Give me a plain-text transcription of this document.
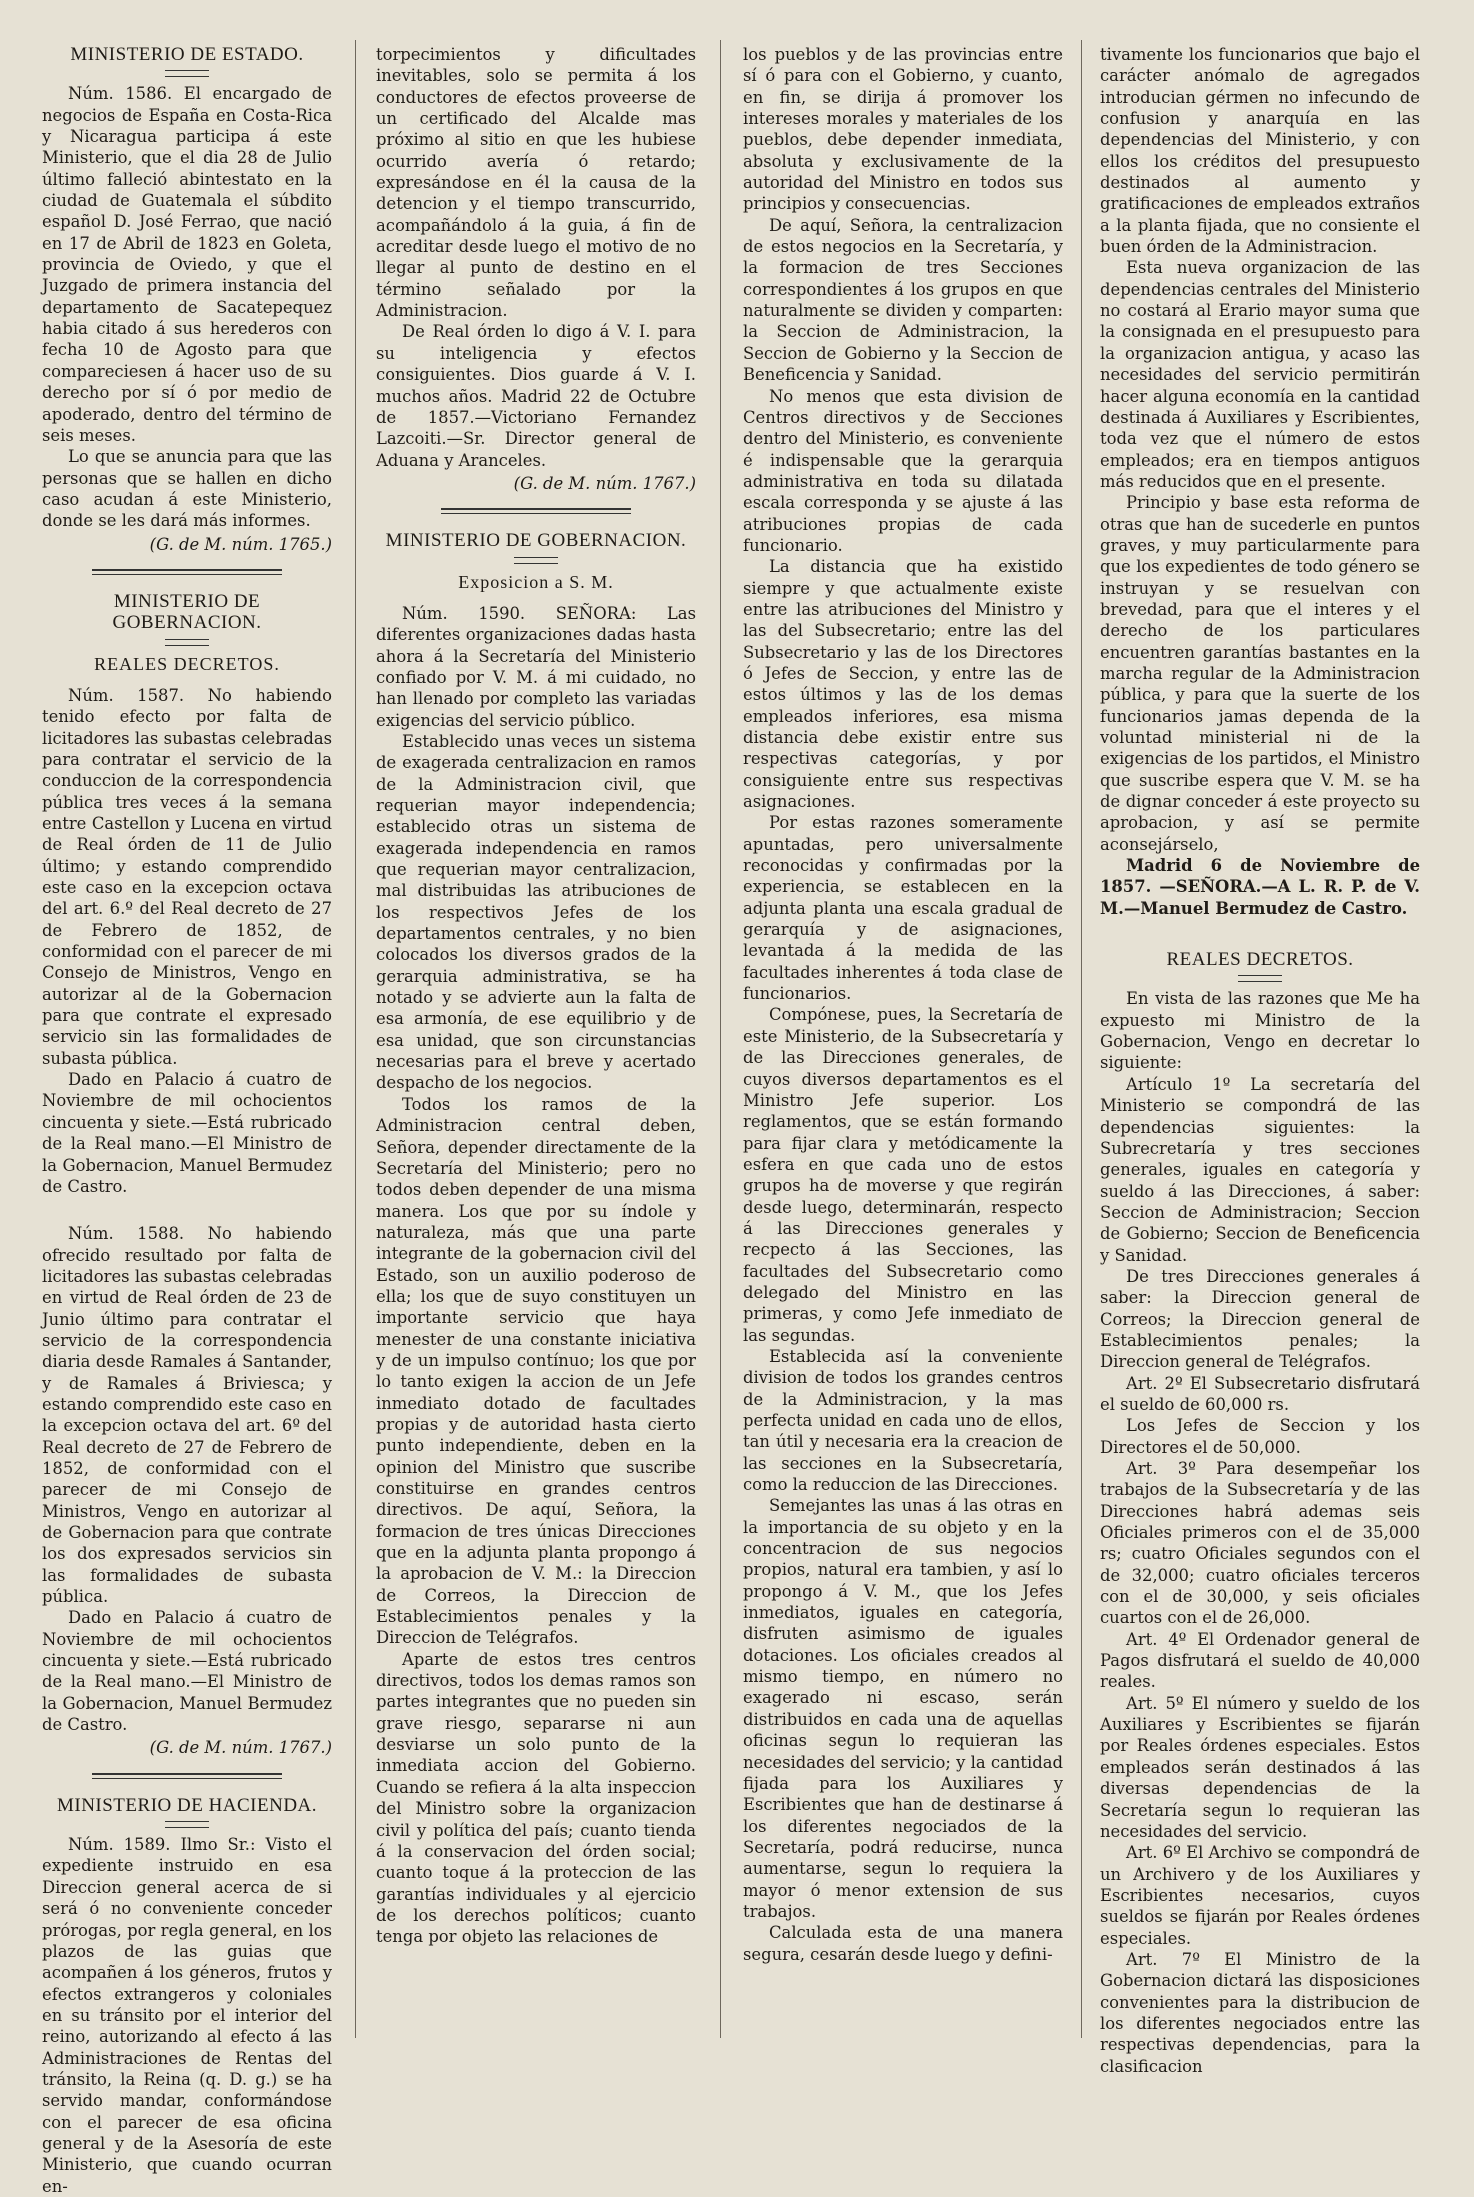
MINISTERIO DE ESTADO.

Núm. 1586. El encargado de negocios de España en Costa-Rica y Nicaragua participa á este Ministerio, que el dia 28 de Julio último falleció abintestato en la ciudad de Guatemala el súbdito español D. José Ferrao, que nació en 17 de Abril de 1823 en Goleta, provincia de Oviedo, y que el Juzgado de primera instancia del departamento de Sacatepequez habia citado á sus herederos con fecha 10 de Agosto para que compareciesen á hacer uso de su derecho por sí ó por medio de apoderado, dentro del término de seis meses.

Lo que se anuncia para que las personas que se hallen en dicho caso acudan á este Ministerio, donde se les dará más informes.

(G. de M. núm. 1765.)

MINISTERIO DE GOBERNACION.
REALES DECRETOS.

Núm. 1587. No habiendo tenido efecto por falta de licitadores las subastas celebradas para contratar el servicio de la conduccion de la correspondencia pública tres veces á la semana entre Castellon y Lucena en virtud de Real órden de 11 de Julio último; y estando comprendido este caso en la excepcion octava del art. 6.º del Real decreto de 27 de Febrero de 1852, de conformidad con el parecer de mi Consejo de Ministros, Vengo en autorizar al de la Gobernacion para que contrate el expresado servicio sin las formalidades de subasta pública.

Dado en Palacio á cuatro de Noviembre de mil ochocientos cincuenta y siete.—Está rubricado de la Real mano.—El Ministro de la Gobernacion, Manuel Bermudez de Castro.

Núm. 1588. No habiendo ofrecido resultado por falta de licitadores las subastas celebradas en virtud de Real órden de 23 de Junio último para contratar el servicio de la correspondencia diaria desde Ramales á Santander, y de Ramales á Briviesca; y estando comprendido este caso en la excepcion octava del art. 6º del Real decreto de 27 de Febrero de 1852, de conformidad con el parecer de mi Consejo de Ministros, Vengo en autorizar al de Gobernacion para que contrate los dos expresados servicios sin las formalidades de subasta pública.

Dado en Palacio á cuatro de Noviembre de mil ochocientos cincuenta y siete.—Está rubricado de la Real mano.—El Ministro de la Gobernacion, Manuel Bermudez de Castro.

(G. de M. núm. 1767.)

MINISTERIO DE HACIENDA.

Núm. 1589. Ilmo Sr.: Visto el expediente instruido en esa Direccion general acerca de si será ó no conveniente conceder prórogas, por regla general, en los plazos de las guias que acompañen á los géneros, frutos y efectos extrangeros y coloniales en su tránsito por el interior del reino, autorizando al efecto á las Administraciones de Rentas del tránsito, la Reina (q. D. g.) se ha servido mandar, conformándose con el parecer de esa oficina general y de la Asesoría de este Ministerio, que cuando ocurran en-

torpecimientos y dificultades inevitables, solo se permita á los conductores de efectos proveerse de un certificado del Alcalde mas próximo al sitio en que les hubiese ocurrido avería ó retardo; expresándose en él la causa de la detencion y el tiempo transcurrido, acompañándolo á la guia, á fin de acreditar desde luego el motivo de no llegar al punto de destino en el término señalado por la Administracion.

De Real órden lo digo á V. I. para su inteligencia y efectos consiguientes. Dios guarde á V. I. muchos años. Madrid 22 de Octubre de 1857.—Victoriano Fernandez Lazcoiti.—Sr. Director general de Aduana y Aranceles.

(G. de M. núm. 1767.)

MINISTERIO DE GOBERNACION.
Exposicion a S. M.

Núm. 1590. SEÑORA: Las diferentes organizaciones dadas hasta ahora á la Secretaría del Ministerio confiado por V. M. á mi cuidado, no han llenado por completo las variadas exigencias del servicio público.

Establecido unas veces un sistema de exagerada centralizacion en ramos de la Administracion civil, que requerian mayor independencia; establecido otras un sistema de exagerada independencia en ramos que requerian mayor centralizacion, mal distribuidas las atribuciones de los respectivos Jefes de los departamentos centrales, y no bien colocados los diversos grados de la gerarquia administrativa, se ha notado y se advierte aun la falta de esa armonía, de ese equilibrio y de esa unidad, que son circunstancias necesarias para el breve y acertado despacho de los negocios.

Todos los ramos de la Administracion central deben, Señora, depender directamente de la Secretaría del Ministerio; pero no todos deben depender de una misma manera. Los que por su índole y naturaleza, más que una parte integrante de la gobernacion civil del Estado, son un auxilio poderoso de ella; los que de suyo constituyen un importante servicio que haya menester de una constante iniciativa y de un impulso contínuo; los que por lo tanto exigen la accion de un Jefe inmediato dotado de facultades propias y de autoridad hasta cierto punto independiente, deben en la opinion del Ministro que suscribe constituirse en grandes centros directivos. De aquí, Señora, la formacion de tres únicas Direcciones que en la adjunta planta propongo á la aprobacion de V. M.: la Direccion de Correos, la Direccion de Establecimientos penales y la Direccion de Telégrafos.

Aparte de estos tres centros directivos, todos los demas ramos son partes integrantes que no pueden sin grave riesgo, separarse ni aun desviarse un solo punto de la inmediata accion del Gobierno. Cuando se refiera á la alta inspeccion del Ministro sobre la organizacion civil y política del país; cuanto tienda á la conservacion del órden social; cuanto toque á la proteccion de las garantías individuales y al ejercicio de los derechos políticos; cuanto tenga por objeto las relaciones de

los pueblos y de las provincias entre sí ó para con el Gobierno, y cuanto, en fin, se dirija á promover los intereses morales y materiales de los pueblos, debe depender inmediata, absoluta y exclusivamente de la autoridad del Ministro en todos sus principios y consecuencias.

De aquí, Señora, la centralizacion de estos negocios en la Secretaría, y la formacion de tres Secciones correspondientes á los grupos en que naturalmente se dividen y comparten: la Seccion de Administracion, la Seccion de Gobierno y la Seccion de Beneficencia y Sanidad.

No menos que esta division de Centros directivos y de Secciones dentro del Ministerio, es conveniente é indispensable que la gerarquia administrativa en toda su dilatada escala corresponda y se ajuste á las atribuciones propias de cada funcionario.

La distancia que ha existido siempre y que actualmente existe entre las atribuciones del Ministro y las del Subsecretario; entre las del Subsecretario y las de los Directores ó Jefes de Seccion, y entre las de estos últimos y las de los demas empleados inferiores, esa misma distancia debe existir entre sus respectivas categorías, y por consiguiente entre sus respectivas asignaciones.

Por estas razones someramente apuntadas, pero universalmente reconocidas y confirmadas por la experiencia, se establecen en la adjunta planta una escala gradual de gerarquía y de asignaciones, levantada á la medida de las facultades inherentes á toda clase de funcionarios.

Compónese, pues, la Secretaría de este Ministerio, de la Subsecretaría y de las Direcciones generales, de cuyos diversos departamentos es el Ministro Jefe superior. Los reglamentos, que se están formando para fijar clara y metódicamente la esfera en que cada uno de estos grupos ha de moverse y que regirán desde luego, determinarán, respecto á las Direcciones generales y recpecto á las Secciones, las facultades del Subsecretario como delegado del Ministro en las primeras, y como Jefe inmediato de las segundas.

Establecida así la conveniente division de todos los grandes centros de la Administracion, y la mas perfecta unidad en cada uno de ellos, tan útil y necesaria era la creacion de las secciones en la Subsecretaría, como la reduccion de las Direcciones.

Semejantes las unas á las otras en la importancia de su objeto y en la concentracion de sus negocios propios, natural era tambien, y así lo propongo á V. M., que los Jefes inmediatos, iguales en categoría, disfruten asimismo de iguales dotaciones. Los oficiales creados al mismo tiempo, en número no exagerado ni escaso, serán distribuidos en cada una de aquellas oficinas segun lo requieran las necesidades del servicio; y la cantidad fijada para los Auxiliares y Escribientes que han de destinarse á los diferentes negociados de la Secretaría, podrá reducirse, nunca aumentarse, segun lo requiera la mayor ó menor extension de sus trabajos.

Calculada esta de una manera segura, cesarán desde luego y defini-

tivamente los funcionarios que bajo el carácter anómalo de agregados introducian gérmen no infecundo de confusion y anarquía en las dependencias del Ministerio, y con ellos los créditos del presupuesto destinados al aumento y gratificaciones de empleados extraños a la planta fijada, que no consiente el buen órden de la Administracion.

Esta nueva organizacion de las dependencias centrales del Ministerio no costará al Erario mayor suma que la consignada en el presupuesto para la organizacion antigua, y acaso las necesidades del servicio permitirán hacer alguna economía en la cantidad destinada á Auxiliares y Escribientes, toda vez que el número de estos empleados; era en tiempos antiguos más reducidos que en el presente.

Principio y base esta reforma de otras que han de sucederle en puntos graves, y muy particularmente para que los expedientes de todo género se instruyan y se resuelvan con brevedad, para que el interes y el derecho de los particulares encuentren garantías bastantes en la marcha regular de la Administracion pública, y para que la suerte de los funcionarios jamas dependa de la voluntad ministerial ni de la exigencias de los partidos, el Ministro que suscribe espera que V. M. se ha de dignar conceder á este proyecto su aprobacion, y así se permite aconsejárselo,

Madrid 6 de Noviembre de 1857. —SEÑORA.—A L. R. P. de V. M.—Manuel Bermudez de Castro.

REALES DECRETOS.

En vista de las razones que Me ha expuesto mi Ministro de la Gobernacion, Vengo en decretar lo siguiente:

Artículo 1º La secretaría del Ministerio se compondrá de las dependencias siguientes: la Subrecretaría y tres secciones generales, iguales en categoría y sueldo á las Direcciones, á saber: Seccion de Administracion; Seccion de Gobierno; Seccion de Beneficencia y Sanidad.

De tres Direcciones generales á saber: la Direccion general de Correos; la Direccion general de Establecimientos penales; la Direccion general de Telégrafos.

Art. 2º El Subsecretario disfrutará el sueldo de 60,000 rs.

Los Jefes de Seccion y los Directores el de 50,000.

Art. 3º Para desempeñar los trabajos de la Subsecretaría y de las Direcciones habrá ademas seis Oficiales primeros con el de 35,000 rs; cuatro Oficiales segundos con el de 32,000; cuatro oficiales terceros con el de 30,000, y seis oficiales cuartos con el de 26,000.

Art. 4º El Ordenador general de Pagos disfrutará el sueldo de 40,000 reales.

Art. 5º El número y sueldo de los Auxiliares y Escribientes se fijarán por Reales órdenes especiales. Estos empleados serán destinados á las diversas dependencias de la Secretaría segun lo requieran las necesidades del servicio.

Art. 6º El Archivo se compondrá de un Archivero y de los Auxiliares y Escribientes necesarios, cuyos sueldos se fijarán por Reales órdenes especiales.

Art. 7º El Ministro de la Gobernacion dictará las disposiciones convenientes para la distribucion de los diferentes negociados entre las respectivas dependencias, para la clasificacion
